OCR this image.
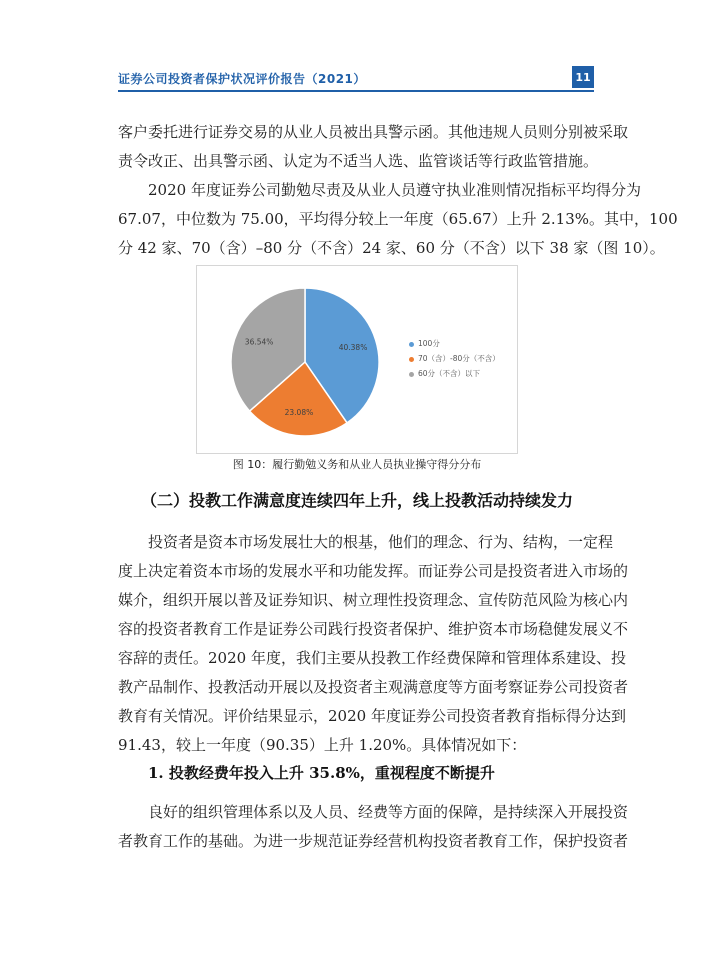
证券公司投资者保护状况评价报告（2021）	11
客户委托进行证券交易的从业人员被出具警示函。其他违规人员则分别被采取
责令改正、出具警示函、认定为不适当人选、监管谈话等行政监管措施。
2020 年度证券公司勤勉尽责及从业人员遵守执业准则情况指标平均得分为
67.07，中位数为 75.00，平均得分较上一年度（65.67）上升 2.13%。其中，100
分 42 家、70（含）–80 分（不含）24 家、60 分（不含）以下 38 家（图 10）。
40.38%
23.08%
36.54%	100分
70（含）-80分（不含）
60分（不含）以下
图 10：履行勤勉义务和从业人员执业操守得分分布
（二）投教工作满意度连续四年上升，线上投教活动持续发力
投资者是资本市场发展壮大的根基，他们的理念、行为、结构，一定程
度上决定着资本市场的发展水平和功能发挥。而证券公司是投资者进入市场的
媒介，组织开展以普及证券知识、树立理性投资理念、宣传防范风险为核心内
容的投资者教育工作是证券公司践行投资者保护、维护资本市场稳健发展义不
容辞的责任。2020 年度，我们主要从投教工作经费保障和管理体系建设、投
教产品制作、投教活动开展以及投资者主观满意度等方面考察证券公司投资者
教育有关情况。评价结果显示，2020 年度证券公司投资者教育指标得分达到
91.43，较上一年度（90.35）上升 1.20%。具体情况如下：
1. 投教经费年投入上升 35.8%，重视程度不断提升
良好的组织管理体系以及人员、经费等方面的保障，是持续深入开展投资
者教育工作的基础。为进一步规范证券经营机构投资者教育工作，保护投资者
